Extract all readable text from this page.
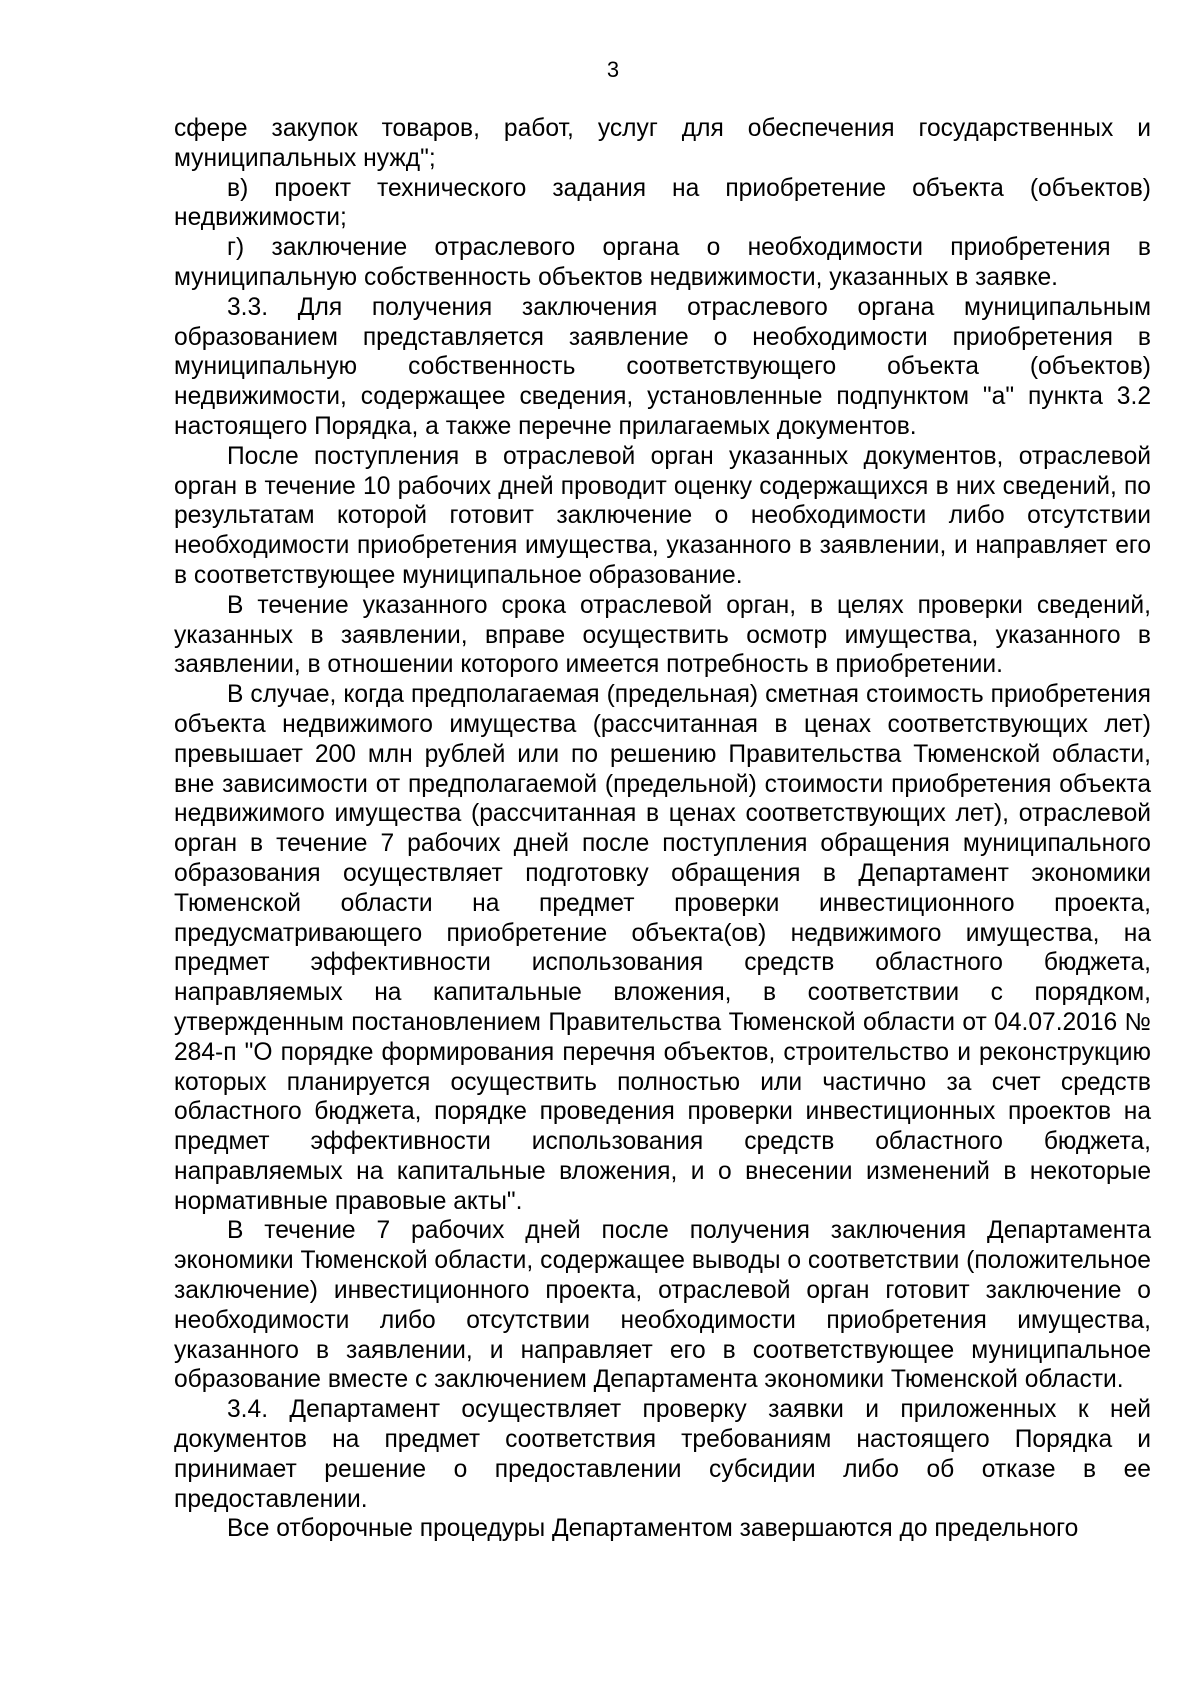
3

сфере закупок товаров, работ, услуг для обеспечения государственных и муниципальных нужд";

в) проект технического задания на приобретение объекта (объектов) недвижимости;

г) заключение отраслевого органа о необходимости приобретения в муниципальную собственность объектов недвижимости, указанных в заявке.

3.3. Для получения заключения отраслевого органа муниципальным образованием представляется заявление о необходимости приобретения в муниципальную собственность соответствующего объекта (объектов) недвижимости, содержащее сведения, установленные подпунктом "а" пункта 3.2 настоящего Порядка, а также перечне прилагаемых документов.

После поступления в отраслевой орган указанных документов, отраслевой орган в течение 10 рабочих дней проводит оценку содержащихся в них сведений, по результатам которой готовит заключение о необходимости либо отсутствии необходимости приобретения имущества, указанного в заявлении, и направляет его в соответствующее муниципальное образование.

В течение указанного срока отраслевой орган, в целях проверки сведений, указанных в заявлении, вправе осуществить осмотр имущества, указанного в заявлении, в отношении которого имеется потребность в приобретении.

В случае, когда предполагаемая (предельная) сметная стоимость приобретения объекта недвижимого имущества (рассчитанная в ценах соответствующих лет) превышает 200 млн рублей или по решению Правительства Тюменской области, вне зависимости от предполагаемой (предельной) стоимости приобретения объекта недвижимого имущества (рассчитанная в ценах соответствующих лет), отраслевой орган в течение 7 рабочих дней после поступления обращения муниципального образования осуществляет подготовку обращения в Департамент экономики Тюменской области на предмет проверки инвестиционного проекта, предусматривающего приобретение объекта(ов) недвижимого имущества, на предмет эффективности использования средств областного бюджета, направляемых на капитальные вложения, в соответствии с порядком, утвержденным постановлением Правительства Тюменской области от 04.07.2016 № 284-п "О порядке формирования перечня объектов, строительство и реконструкцию которых планируется осуществить полностью или частично за счет средств областного бюджета, порядке проведения проверки инвестиционных проектов на предмет эффективности использования средств областного бюджета, направляемых на капитальные вложения, и о внесении изменений в некоторые нормативные правовые акты".

В течение 7 рабочих дней после получения заключения Департамента экономики Тюменской области, содержащее выводы о соответствии (положительное заключение) инвестиционного проекта, отраслевой орган готовит заключение о необходимости либо отсутствии необходимости приобретения имущества, указанного в заявлении, и направляет его в соответствующее муниципальное образование вместе с заключением Департамента экономики Тюменской области.

3.4. Департамент осуществляет проверку заявки и приложенных к ней документов на предмет соответствия требованиям настоящего Порядка и принимает решение о предоставлении субсидии либо об отказе в ее предоставлении.

Все отборочные процедуры Департаментом завершаются до предельного
